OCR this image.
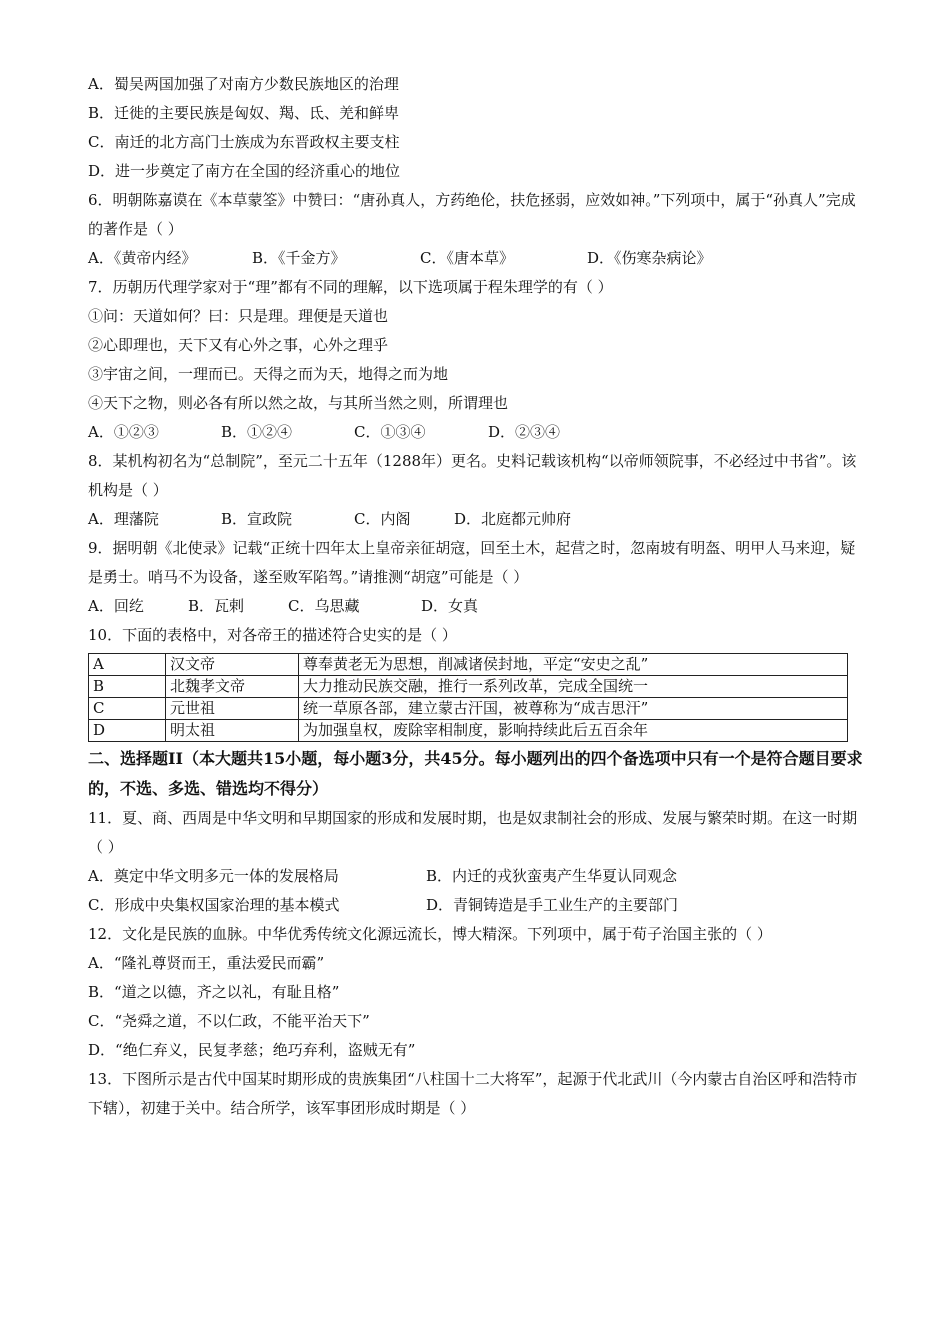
A．蜀吴两国加强了对南方少数民族地区的治理
B．迁徙的主要民族是匈奴、羯、氐、羌和鲜卑
C．南迁的北方高门士族成为东晋政权主要支柱
D．进一步奠定了南方在全国的经济重心的地位
6．明朝陈嘉谟在《本草蒙筌》中赞曰：“唐孙真人，方药绝伦，扶危拯弱，应效如神。”下列项中，属于“孙真人”完成的著作是（ ）
A．《黄帝内经》	B．《千金方》	C．《唐本草》	D．《伤寒杂病论》
7．历朝历代理学家对于“理”都有不同的理解，以下选项属于程朱理学的有（ ）
①问：天道如何？曰：只是理。理便是天道也
②心即理也，天下又有心外之事，心外之理乎
③宇宙之间，一理而已。天得之而为天，地得之而为地
④天下之物，则必各有所以然之故，与其所当然之则，所谓理也
A．①②③	B．①②④	C．①③④	D．②③④
8．某机构初名为“总制院”，至元二十五年（1288年）更名。史料记载该机构“以帝师领院事，不必经过中书省”。该机构是（ ）
A．理藩院	B．宣政院	C．内阁	D．北庭都元帅府
9．据明朝《北使录》记载“正统十四年太上皇帝亲征胡寇，回至土木，起营之时，忽南坡有明盔、明甲人马来迎，疑是勇士。哨马不为设备，遂至败军陷驾。”请推测“胡寇”可能是（ ）
A．回纥	B．瓦剌	C．乌思藏	D．女真
10．下面的表格中，对各帝王的描述符合史实的是（ ）
A	汉文帝	尊奉黄老无为思想，削减诸侯封地，平定“安史之乱”
B	北魏孝文帝	大力推动民族交融，推行一系列改革，完成全国统一
C	元世祖	统一草原各部，建立蒙古汗国，被尊称为“成吉思汗”
D	明太祖	为加强皇权，废除宰相制度，影响持续此后五百余年
二、选择题II（本大题共15小题，每小题3分，共45分。每小题列出的四个备选项中只有一个是符合题目要求的，不选、多选、错选均不得分）
11．夏、商、西周是中华文明和早期国家的形成和发展时期，也是奴隶制社会的形成、发展与繁荣时期。在这一时期（ ）
A．奠定中华文明多元一体的发展格局	B．内迁的戎狄蛮夷产生华夏认同观念
C．形成中央集权国家治理的基本模式	D．青铜铸造是手工业生产的主要部门
12．文化是民族的血脉。中华优秀传统文化源远流长，博大精深。下列项中，属于荀子治国主张的（ ）
A．“隆礼尊贤而王，重法爱民而霸”
B．“道之以德，齐之以礼，有耻且格”
C．“尧舜之道，不以仁政，不能平治天下”
D．“绝仁弃义，民复孝慈；绝巧弃利，盗贼无有”
13．下图所示是古代中国某时期形成的贵族集团“八柱国十二大将军”，起源于代北武川（今内蒙古自治区呼和浩特市下辖），初建于关中。结合所学，该军事团形成时期是（ ）
